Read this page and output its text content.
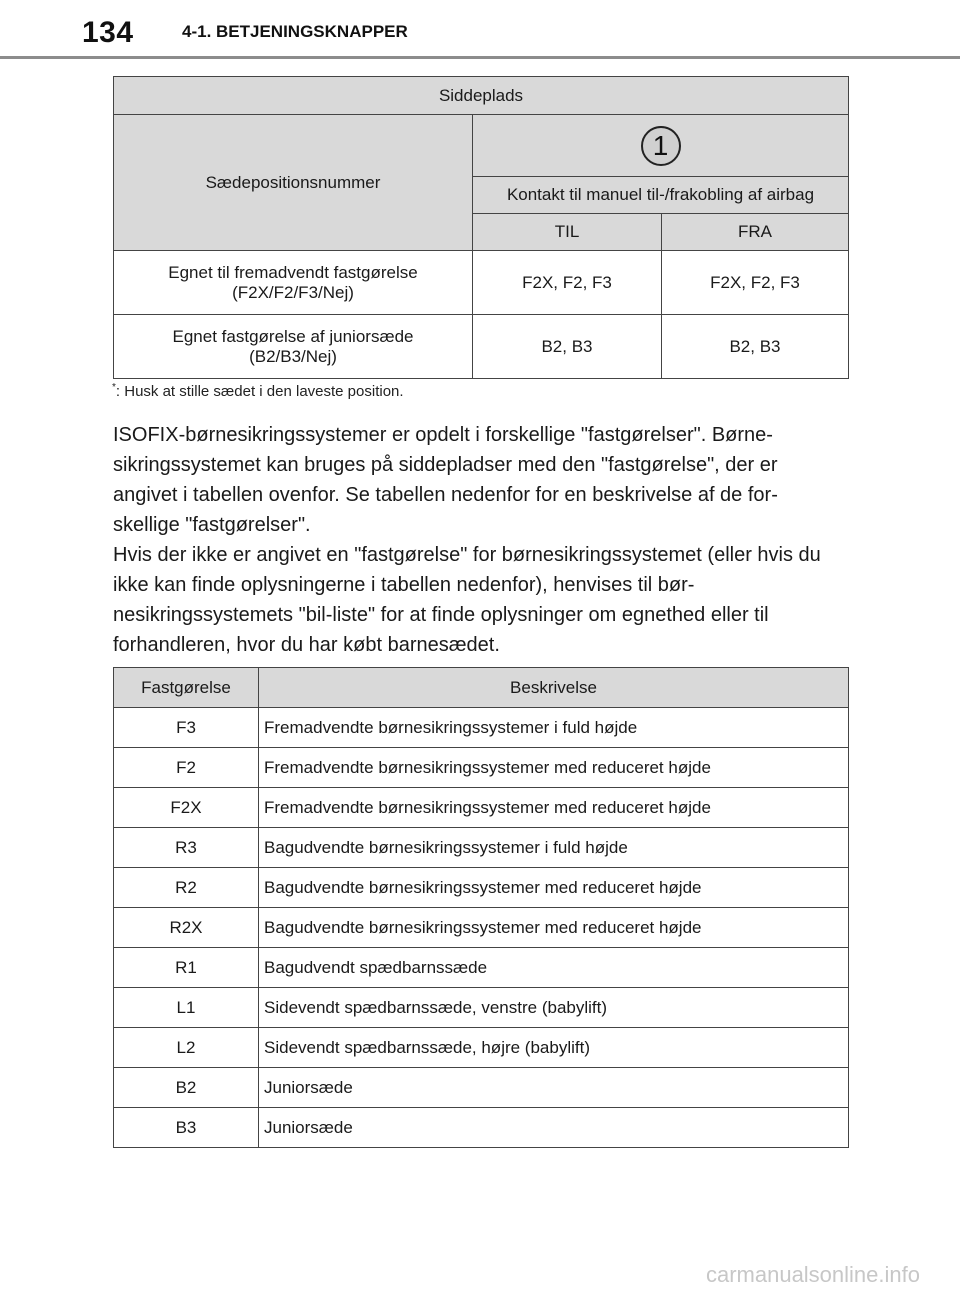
134	4-1. BETJENINGSKNAPPER
Siddeplads		
Sædepositionsnummer	1	
	Kontakt til manuel til-/frakobling af airbag	
	TIL	FRA
Egnet til fremadvendt fastgørelse
(F2X/F2/F3/Nej)	F2X, F2, F3	F2X, F2, F3
Egnet fastgørelse af juniorsæde
(B2/B3/Nej)	B2, B3	B2, B3
*: Husk at stille sædet i den laveste position.

ISOFIX-børnesikringssystemer er opdelt i forskellige "fastgørelser". Børne-sikringssystemet kan bruges på siddepladser med den "fastgørelse", der er angivet i tabellen ovenfor. Se tabellen nedenfor for en beskrivelse af de for-skellige "fastgørelser".

Hvis der ikke er angivet en "fastgørelse" for børnesikringssystemet (eller hvis du ikke kan finde oplysningerne i tabellen nedenfor), henvises til bør-nesikringssystemets "bil-liste" for at finde oplysninger om egnethed eller til forhandleren, hvor du har købt barnesædet.

Fastgørelse	Beskrivelse
F3	Fremadvendte børnesikringssystemer i fuld højde
F2	Fremadvendte børnesikringssystemer med reduceret højde
F2X	Fremadvendte børnesikringssystemer med reduceret højde
R3	Bagudvendte børnesikringssystemer i fuld højde
R2	Bagudvendte børnesikringssystemer med reduceret højde
R2X	Bagudvendte børnesikringssystemer med reduceret højde
R1	Bagudvendt spædbarnssæde
L1	Sidevendt spædbarnssæde, venstre (babylift)
L2	Sidevendt spædbarnssæde, højre (babylift)
B2	Juniorsæde
B3	Juniorsæde
carmanualsonline.info
